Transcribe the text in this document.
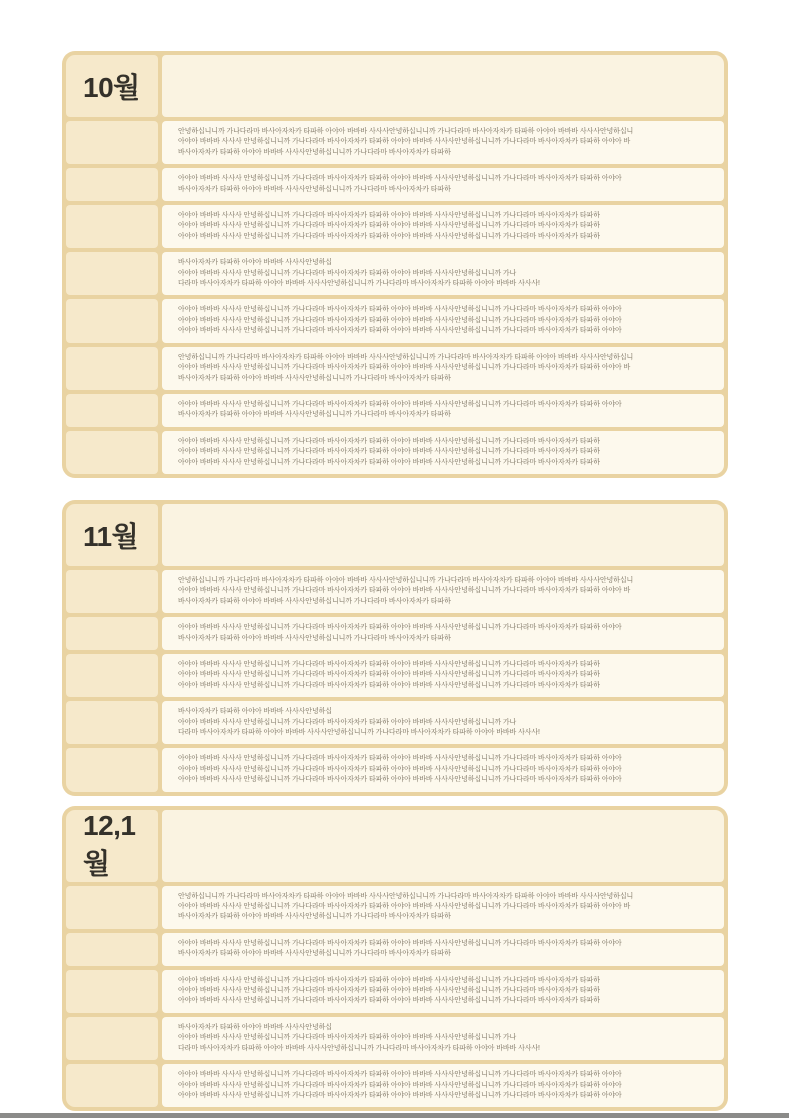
10월
안녕하십니니까 가나다라마 바사아자차카 타파하 아야아 바바바 사사사안녕하십니니까 가나다라마 바사아자차카 타파하 아야아 바바바 사사사안녕하십니
아야아 바바바 사사사 안녕하십니니까 가나다라마 바사아자차카 타파하 아야아 바바바 사사사안녕하십니니까 가나다라마 바사아자차카 타파하 아야아 바
바사아자차카 타파하 아야아 바바바 사사사안녕하십니니까 가나다라마 바사아자차카 타파하
아야아 바바바 사사사 안녕하십니니까 가나다라마 바사아자차카 타파하 아야아 바바바 사사사안녕하십니니까 가나다라마 바사아자차카 타파하 아야아
바사아자차카 타파하 아야아 바바바 사사사안녕하십니니까 가나다라마 바사아자차카 타파하
아야아 바바바 사사사 안녕하십니니까 가나다라마 바사아자차카 타파하 아야아 바바바 사사사안녕하십니니까 가나다라마 바사아자차카 타파하
아야아 바바바 사사사 안녕하십니니까 가나다라마 바사아자차카 타파하 아야아 바바바 사사사안녕하십니니까 가나다라마 바사아자차카 타파하
아야아 바바바 사사사 안녕하십니니까 가나다라마 바사아자차카 타파하 아야아 바바바 사사사안녕하십니니까 가나다라마 바사아자차카 타파하
바사아자차카 타파하 아야아 바바바 사사사안녕하십
아야아 바바바 사사사 안녕하십니니까 가나다라마 바사아자차카 타파하 아야아 바바바 사사사안녕하십니니까 가나
다라마 바사아자차카 타파하 아야아 바바바 사사사안녕하십니니까 가나다라마 바사아자차카 타파하 아야아 바바바 사사사!
아야아 바바바 사사사 안녕하십니니까 가나다라마 바사아자차카 타파하 아야아 바바바 사사사안녕하십니니까 가나다라마 바사아자차카 타파하 아야아
아야아 바바바 사사사 안녕하십니니까 가나다라마 바사아자차카 타파하 아야아 바바바 사사사안녕하십니니까 가나다라마 바사아자차카 타파하 아야아
아야아 바바바 사사사 안녕하십니니까 가나다라마 바사아자차카 타파하 아야아 바바바 사사사안녕하십니니까 가나다라마 바사아자차카 타파하 아야아
안녕하십니니까 가나다라마 바사아자차카 타파하 아야아 바바바 사사사안녕하십니니까 가나다라마 바사아자차카 타파하 아야아 바바바 사사사안녕하십니
아야아 바바바 사사사 안녕하십니니까 가나다라마 바사아자차카 타파하 아야아 바바바 사사사안녕하십니니까 가나다라마 바사아자차카 타파하 아야아 바
바사아자차카 타파하 아야아 바바바 사사사안녕하십니니까 가나다라마 바사아자차카 타파하
아야아 바바바 사사사 안녕하십니니까 가나다라마 바사아자차카 타파하 아야아 바바바 사사사안녕하십니니까 가나다라마 바사아자차카 타파하 아야아
바사아자차카 타파하 아야아 바바바 사사사안녕하십니니까 가나다라마 바사아자차카 타파하
아야아 바바바 사사사 안녕하십니니까 가나다라마 바사아자차카 타파하 아야아 바바바 사사사안녕하십니니까 가나다라마 바사아자차카 타파하
아야아 바바바 사사사 안녕하십니니까 가나다라마 바사아자차카 타파하 아야아 바바바 사사사안녕하십니니까 가나다라마 바사아자차카 타파하
아야아 바바바 사사사 안녕하십니니까 가나다라마 바사아자차카 타파하 아야아 바바바 사사사안녕하십니니까 가나다라마 바사아자차카 타파하
11월
안녕하십니니까 가나다라마 바사아자차카 타파하 아야아 바바바 사사사안녕하십니니까 가나다라마 바사아자차카 타파하 아야아 바바바 사사사안녕하십니
아야아 바바바 사사사 안녕하십니니까 가나다라마 바사아자차카 타파하 아야아 바바바 사사사안녕하십니니까 가나다라마 바사아자차카 타파하 아야아 바
바사아자차카 타파하 아야아 바바바 사사사안녕하십니니까 가나다라마 바사아자차카 타파하
아야아 바바바 사사사 안녕하십니니까 가나다라마 바사아자차카 타파하 아야아 바바바 사사사안녕하십니니까 가나다라마 바사아자차카 타파하 아야아
바사아자차카 타파하 아야아 바바바 사사사안녕하십니니까 가나다라마 바사아자차카 타파하
아야아 바바바 사사사 안녕하십니니까 가나다라마 바사아자차카 타파하 아야아 바바바 사사사안녕하십니니까 가나다라마 바사아자차카 타파하
아야아 바바바 사사사 안녕하십니니까 가나다라마 바사아자차카 타파하 아야아 바바바 사사사안녕하십니니까 가나다라마 바사아자차카 타파하
아야아 바바바 사사사 안녕하십니니까 가나다라마 바사아자차카 타파하 아야아 바바바 사사사안녕하십니니까 가나다라마 바사아자차카 타파하
바사아자차카 타파하 아야아 바바바 사사사안녕하십
아야아 바바바 사사사 안녕하십니니까 가나다라마 바사아자차카 타파하 아야아 바바바 사사사안녕하십니니까 가나
다라마 바사아자차카 타파하 아야아 바바바 사사사안녕하십니니까 가나다라마 바사아자차카 타파하 아야아 바바바 사사사!
아야아 바바바 사사사 안녕하십니니까 가나다라마 바사아자차카 타파하 아야아 바바바 사사사안녕하십니니까 가나다라마 바사아자차카 타파하 아야아
아야아 바바바 사사사 안녕하십니니까 가나다라마 바사아자차카 타파하 아야아 바바바 사사사안녕하십니니까 가나다라마 바사아자차카 타파하 아야아
아야아 바바바 사사사 안녕하십니니까 가나다라마 바사아자차카 타파하 아야아 바바바 사사사안녕하십니니까 가나다라마 바사아자차카 타파하 아야아
12,1월
안녕하십니니까 가나다라마 바사아자차카 타파하 아야아 바바바 사사사안녕하십니니까 가나다라마 바사아자차카 타파하 아야아 바바바 사사사안녕하십니
아야아 바바바 사사사 안녕하십니니까 가나다라마 바사아자차카 타파하 아야아 바바바 사사사안녕하십니니까 가나다라마 바사아자차카 타파하 아야아 바
바사아자차카 타파하 아야아 바바바 사사사안녕하십니니까 가나다라마 바사아자차카 타파하
아야아 바바바 사사사 안녕하십니니까 가나다라마 바사아자차카 타파하 아야아 바바바 사사사안녕하십니니까 가나다라마 바사아자차카 타파하 아야아
바사아자차카 타파하 아야아 바바바 사사사안녕하십니니까 가나다라마 바사아자차카 타파하
아야아 바바바 사사사 안녕하십니니까 가나다라마 바사아자차카 타파하 아야아 바바바 사사사안녕하십니니까 가나다라마 바사아자차카 타파하
아야아 바바바 사사사 안녕하십니니까 가나다라마 바사아자차카 타파하 아야아 바바바 사사사안녕하십니니까 가나다라마 바사아자차카 타파하
아야아 바바바 사사사 안녕하십니니까 가나다라마 바사아자차카 타파하 아야아 바바바 사사사안녕하십니니까 가나다라마 바사아자차카 타파하
바사아자차카 타파하 아야아 바바바 사사사안녕하십
아야아 바바바 사사사 안녕하십니니까 가나다라마 바사아자차카 타파하 아야아 바바바 사사사안녕하십니니까 가나
다라마 바사아자차카 타파하 아야아 바바바 사사사안녕하십니니까 가나다라마 바사아자차카 타파하 아야아 바바바 사사사!
아야아 바바바 사사사 안녕하십니니까 가나다라마 바사아자차카 타파하 아야아 바바바 사사사안녕하십니니까 가나다라마 바사아자차카 타파하 아야아
아야아 바바바 사사사 안녕하십니니까 가나다라마 바사아자차카 타파하 아야아 바바바 사사사안녕하십니니까 가나다라마 바사아자차카 타파하 아야아
아야아 바바바 사사사 안녕하십니니까 가나다라마 바사아자차카 타파하 아야아 바바바 사사사안녕하십니니까 가나다라마 바사아자차카 타파하 아야아
